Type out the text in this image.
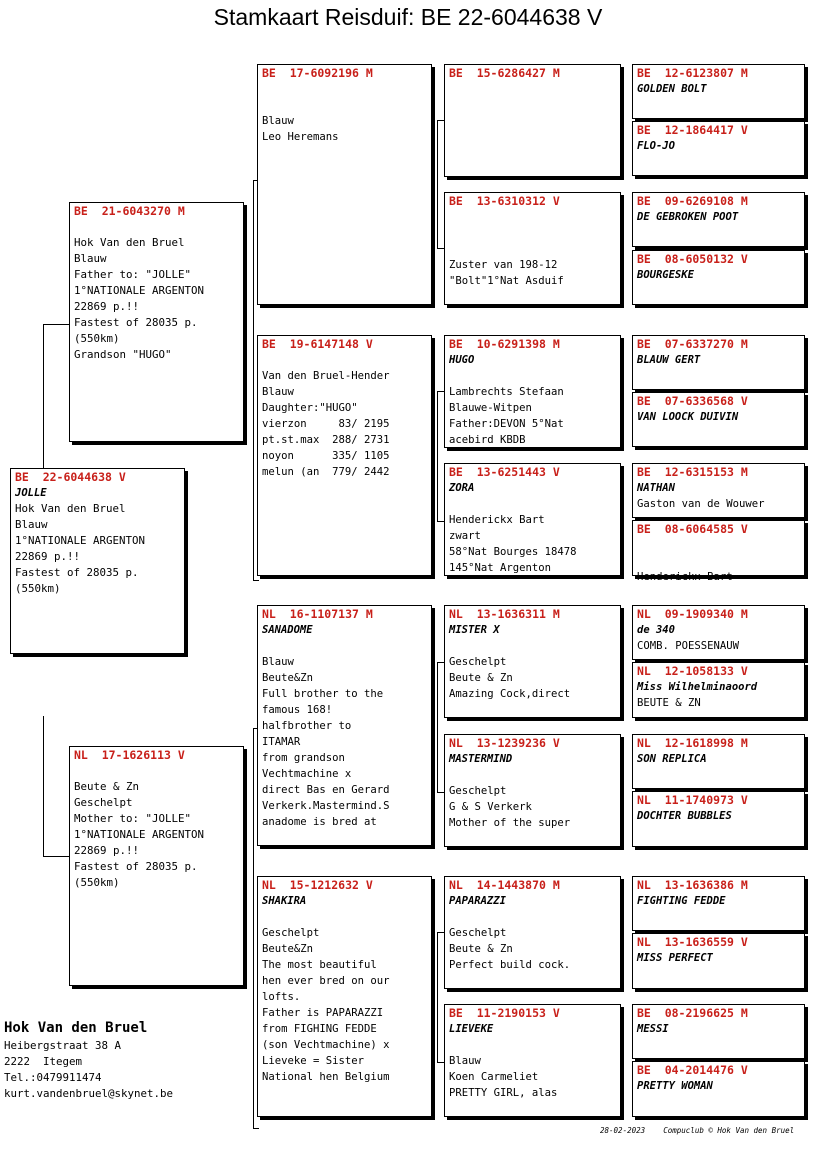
Stamkaart Reisduif: BE 22-6044638 V
BE  22-6044638 V
JOLLE
Hok Van den Bruel
Blauw
1°NATIONALE ARGENTON
22869 p.!!
Fastest of 28035 p.
(550km)
BE  21-6043270 M
Hok Van den Bruel
Blauw
Father to: "JOLLE"
1°NATIONALE ARGENTON
22869 p.!!
Fastest of 28035 p.
(550km)
Grandson "HUGO"
NL  17-1626113 V
Beute & Zn
Geschelpt
Mother to: "JOLLE"
1°NATIONALE ARGENTON
22869 p.!!
Fastest of 28035 p.
(550km)
BE  17-6092196 M
Blauw
Leo Heremans
BE  19-6147148 V
Van den Bruel-Hender
Blauw
Daughter:"HUGO"
vierzon     83/ 2195
pt.st.max  288/ 2731
noyon      335/ 1105
melun (an  779/ 2442
NL  16-1107137 M
SANADOME
Blauw
Beute&Zn
Full brother to the
famous 168!
halfbrother to
ITAMAR
from grandson
Vechtmachine x
direct Bas en Gerard
Verkerk.Mastermind.S
anadome is bred at
NL  15-1212632 V
SHAKIRA
Geschelpt
Beute&Zn
The most beautiful
hen ever bred on our
lofts.
Father is PAPARAZZI
from FIGHING FEDDE
(son Vechtmachine) x
Lieveke = Sister
National hen Belgium
BE  15-6286427 M
BE  13-6310312 V
Zuster van 198-12
"Bolt"1°Nat Asduif
BE  10-6291398 M
HUGO
Lambrechts Stefaan
Blauwe-Witpen
Father:DEVON 5°Nat
acebird KBDB
BE  13-6251443 V
ZORA
Henderickx Bart
zwart
58°Nat Bourges 18478
145°Nat Argenton
NL  13-1636311 M
MISTER X
Geschelpt
Beute & Zn
Amazing Cock,direct
NL  13-1239236 V
MASTERMIND
Geschelpt
G & S Verkerk
Mother of the super
NL  14-1443870 M
PAPARAZZI
Geschelpt
Beute & Zn
Perfect build cock.
BE  11-2190153 V
LIEVEKE
Blauw
Koen Carmeliet
PRETTY GIRL, alas
BE  12-6123807 M
GOLDEN BOLT
BE  12-1864417 V
FLO-JO
BE  09-6269108 M
DE GEBROKEN POOT
BE  08-6050132 V
BOURGESKE
BE  07-6337270 M
BLAUW GERT
BE  07-6336568 V
VAN LOOCK DUIVIN
BE  12-6315153 M
NATHAN
Gaston van de Wouwer
BE  08-6064585 V
Henderickx Bart
NL  09-1909340 M
de 340
COMB. POESSENAUW
NL  12-1058133 V
Miss Wilhelminaoord
BEUTE & ZN
NL  12-1618998 M
SON REPLICA
NL  11-1740973 V
DOCHTER BUBBLES
NL  13-1636386 M
FIGHTING FEDDE
NL  13-1636559 V
MISS PERFECT
BE  08-2196625 M
MESSI
BE  04-2014476 V
PRETTY WOMAN
Hok Van den Bruel
Heibergstraat 38 A
2222  Itegem
Tel.:0479911474
kurt.vandenbruel@skynet.be
28-02-2023    Compuclub © Hok Van den Bruel
